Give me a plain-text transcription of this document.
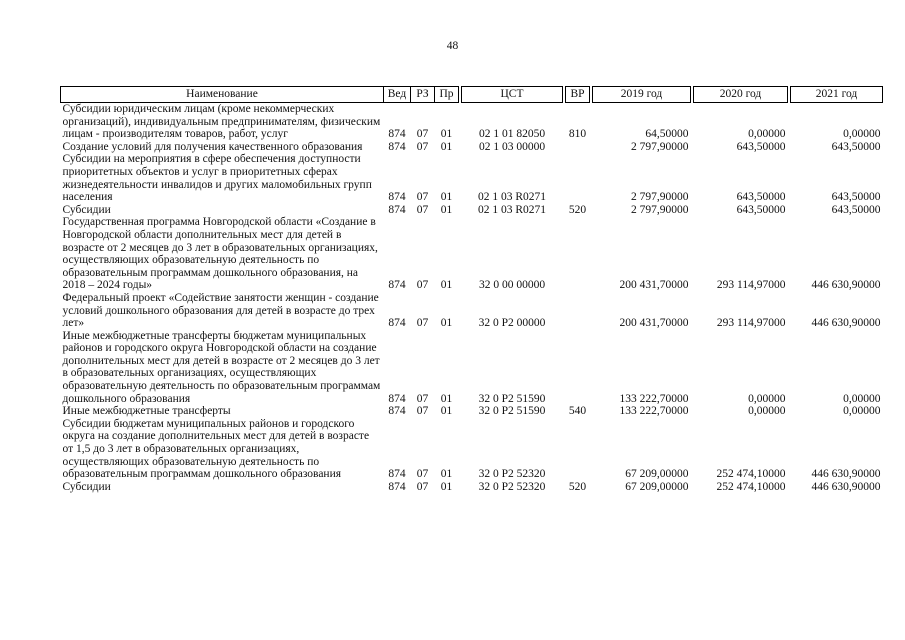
48
Наименование	Вед	РЗ	Пр		ЦСТ		ВР		2019 год		2020 год		2021 год
Субсидии юридическим лицам (кроме некоммерческих организаций), индивидуальным предпринимателям, физическим лицам - производителям товаров, работ, услуг	874	07	01		02 1 01 82050		810		64,50000		0,00000		0,00000
Создание условий для получения качественного образования	874	07	01		02 1 03 00000				2 797,90000		643,50000		643,50000
Субсидии на мероприятия в сфере обеспечения доступности приоритетных объектов и услуг в приоритетных сферах жизнедеятельности инвалидов и других маломобильных групп населения	874	07	01		02 1 03 R0271				2 797,90000		643,50000		643,50000
Субсидии	874	07	01		02 1 03 R0271		520		2 797,90000		643,50000		643,50000
Государственная программа Новгородской области «Создание в Новгородской области дополнительных мест для детей в возрасте от 2 месяцев до 3 лет в образовательных организациях, осуществляющих образовательную деятельность по образовательным программам дошкольного образования, на 2018 – 2024 годы»	874	07	01		32 0 00 00000				200 431,70000		293 114,97000		446 630,90000
Федеральный проект «Содействие занятости женщин - создание условий дошкольного образования для детей в возрасте до трех лет»	874	07	01		32 0 P2 00000				200 431,70000		293 114,97000		446 630,90000
Иные межбюджетные трансферты бюджетам муниципальных районов и городского округа Новгородской области на создание дополнительных мест для детей в возрасте от 2 месяцев до 3 лет в образовательных организациях, осуществляющих образовательную деятельность по образовательным программам дошкольного образования	874	07	01		32 0 P2 51590				133 222,70000		0,00000		0,00000
Иные межбюджетные трансферты	874	07	01		32 0 P2 51590		540		133 222,70000		0,00000		0,00000
Субсидии бюджетам муниципальных районов и городского округа на создание дополнительных мест для детей в возрасте от 1,5 до 3 лет в образовательных организациях, осуществляющих образовательную деятельность по образовательным программам дошкольного образования	874	07	01		32 0 P2 52320				67 209,00000		252 474,10000		446 630,90000
Субсидии	874	07	01		32 0 P2 52320		520		67 209,00000		252 474,10000		446 630,90000
